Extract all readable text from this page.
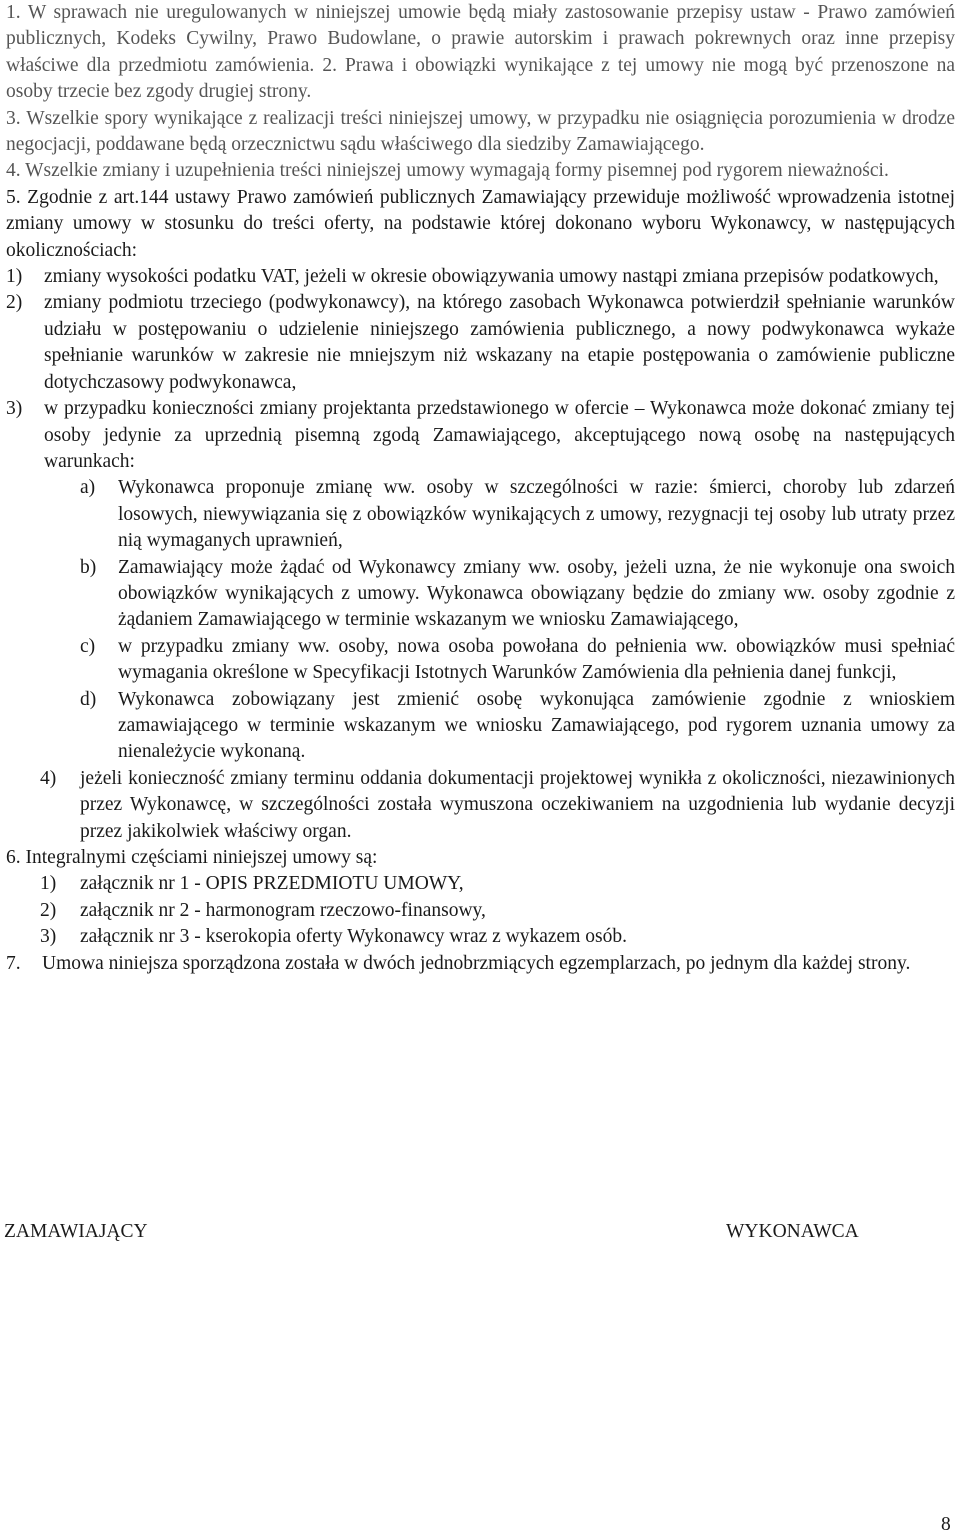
1. W sprawach nie uregulowanych w niniejszej umowie będą miały zastosowanie przepisy ustaw - Prawo zamówień publicznych, Kodeks Cywilny, Prawo Budowlane, o prawie autorskim i prawach pokrewnych oraz inne przepisy właściwe dla przedmiotu zamówienia. 2. Prawa i obowiązki wynikające z tej umowy nie mogą być przenoszone na osoby trzecie bez zgody drugiej strony.
3. Wszelkie spory wynikające z realizacji treści niniejszej umowy, w przypadku nie osiągnięcia porozumienia w drodze negocjacji, poddawane będą orzecznictwu sądu właściwego dla siedziby Zamawiającego.
4. Wszelkie zmiany i uzupełnienia treści niniejszej umowy wymagają formy pisemnej pod rygorem nieważności.
5. Zgodnie z art.144 ustawy Prawo zamówień publicznych Zamawiający przewiduje możliwość wprowadzenia istotnej zmiany umowy w stosunku do treści oferty, na podstawie której dokonano wyboru Wykonawcy, w następujących okolicznościach:
1)	zmiany wysokości podatku VAT, jeżeli w okresie obowiązywania umowy nastąpi zmiana przepisów podatkowych,
2)	zmiany podmiotu trzeciego (podwykonawcy), na którego zasobach Wykonawca potwierdził spełnianie warunków udziału w postępowaniu o udzielenie niniejszego zamówienia publicznego, a nowy podwykonawca wykaże spełnianie warunków w zakresie nie mniejszym niż wskazany na etapie postępowania o zamówienie publiczne dotychczasowy podwykonawca,
3)	w przypadku konieczności zmiany projektanta przedstawionego w ofercie – Wykonawca może dokonać zmiany tej osoby jedynie za uprzednią pisemną zgodą Zamawiającego, akceptującego nową osobę na następujących warunkach:
a)	Wykonawca proponuje zmianę ww. osoby w szczególności w razie: śmierci, choroby lub zdarzeń losowych, niewywiązania się z obowiązków wynikających z umowy, rezygnacji tej osoby lub utraty przez nią wymaganych uprawnień,
b)	Zamawiający może żądać od Wykonawcy zmiany ww. osoby, jeżeli uzna, że nie wykonuje ona swoich obowiązków wynikających z umowy. Wykonawca obowiązany będzie do zmiany ww. osoby zgodnie z żądaniem Zamawiającego w terminie wskazanym we wniosku Zamawiającego,
c)	w przypadku zmiany ww. osoby, nowa osoba powołana do pełnienia ww. obowiązków musi spełniać wymagania określone w Specyfikacji Istotnych Warunków Zamówienia dla pełnienia danej funkcji,
d)	Wykonawca zobowiązany jest zmienić osobę wykonująca zamówienie zgodnie z wnioskiem zamawiającego w terminie wskazanym we wniosku Zamawiającego, pod rygorem uznania umowy za nienależycie wykonaną.
4)	jeżeli konieczność zmiany terminu oddania dokumentacji projektowej wynikła z okoliczności, niezawinionych przez Wykonawcę, w szczególności została wymuszona oczekiwaniem na uzgodnienia lub wydanie decyzji przez jakikolwiek właściwy organ.
6. Integralnymi częściami niniejszej umowy są:
1)	załącznik nr 1 - OPIS PRZEDMIOTU UMOWY,
2)	załącznik nr 2 - harmonogram rzeczowo-finansowy,
3)	załącznik nr 3 - kserokopia oferty Wykonawcy wraz z wykazem osób.
7. Umowa niniejsza sporządzona została w dwóch jednobrzmiących egzemplarzach, po jednym dla każdej strony.
ZAMAWIAJĄCY	WYKONAWCA
8
